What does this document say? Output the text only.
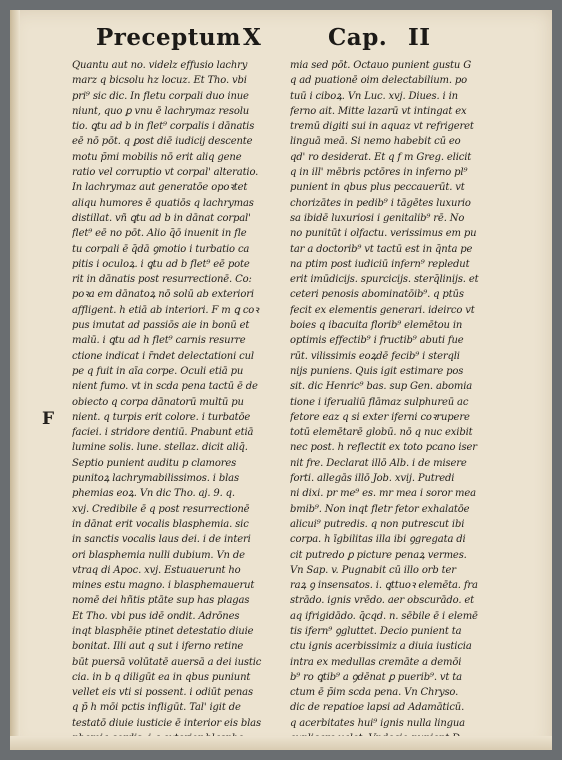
Preceptum X	Cap. II
Quantu aut no. videlz effusio lachry
marz q bicsolu hz locuz. Et Tho. vbi
pri⁹ sic dic. In fletu corpali duo inue
niunt, quo ꝑ vnu ē lachrymaz resolu
tio. ꝗtu ad b in flet⁹ corpalis i dānatis
eē nō pōt. q ꝑost diē iudicij descente
motu p̄mi mobilis nō erit aliq gene
ratio vel corruptio vt corpal' alteratio.
In lachrymaz aut generatōe opoꝛtet
aliqu humores ē quatiōs q lachrymas
distillat. vñ ꝗtu ad b in dānat corpal'
flet⁹ eē no pōt. Alio q̄ō inuenit in fle
tu corpali ē q̄dā ꝯmotio i turbatio ca
pitis i oculoꝝ. i ꝗtu ad b flet⁹ eē pote
rit in dānatis post resurrectionē. Co:
poꝛa em dānatoꝝ nō solū ab exteriori
affligent. h etiā ab interiori. F m ꝗ coꝛ
pus imutat ad passiōs aie in bonū et
malū. i ꝗtu ad h flet⁹ carnis resurre
ctione indicat i r̄ndet delectationi cul
pe q fuit in aīa corpe. Oculi etiā pu
nient fumo. vt in scda pena tactū ē de
obiecto q corpa dānatorū multū pu
nient. q turpis erit colore. i turbatōe
faciei. i stridore dentiū. Pnabunt etiā
lumine solis. lune. stellaz. dicit aliq̄.
Septio punient auditu p clamores
punitoꝝ lachrymabilissimos. i blas
phemias eoꝝ. Vn dic Tho. aj. 9. q.
xvj. Credibile ē q post resurrectionē
in dānat erit vocalis blasphemia. sic
in sanctis vocalis laus dei. i de interi
ori blasphemia nulli dubium. Vn de
vtraq di Apoc. xvj. Estuauerunt ho
mines estu magno. i blasphemauerut
nomē dei hñtis ptāte sup has plagas
Et Tho. vbi pus idē ondit. Adrōnes
inqt blasphēie ptinet detestatio diuie
bonitat. Illi aut q sut i iferno retine
būt puersā volūtatē auersā a dei iustic
cia. in b q diligūt ea in qbus puniunt
vellet eis vti si possent. i odiūt penas
q p̄ h mōi pctis infligūt. Tal' igit de
testatō diuie iusticie ē interior eis blas
mia sed pōt. Octauo punient gustu G
q ad puationē oim delectabilium. po
tuū i ciboꝝ. Vn Luc. xvj. Diues. i in
ferno ait. Mitte lazarū vt intingat ex
tremū digiti sui in aquaz vt refrigeret
linguā meā. Si nemo habebit cū eo
qd' ro desiderat. Et q f m Greg. elicit
q in ill' mēbris pctōres in inferno pl⁹
punient in qbus plus peccauerūt. vt
chorizātes in pedib⁹ i tāgētes luxurio
sa ibidē luxuriosi i genitalib⁹ rē. No
no punitūt i olfactu. verissimus em pu
tar a doctorib⁹ vt tactū est in q̄nta pe
na ptim post iudiciū infern⁹ repledut
erit imūdicijs. spurcicijs. sterq̄linijs. et
ceteri penosis abominatōib⁹. q ptūs
fecit ex elementis generari. ideirco vt
boies q ibacuita florib⁹ elemētou in
optimis effectib⁹ i fructib⁹ abuti fue
rūt. vilissimis eoꝝdē fecib⁹ i sterqli
nijs puniens. Quis igit estimare pos
sit. dic Henric⁹ bas. sup Gen. abomia
tione i iferualiū flāmaz sulphureū ac
fetore eaz q si exter iferni coꝛrupere
totū elemētarē globū. nō q nuc exibit
nec post. h reflectit ex toto pcano iser
nit fre. Declarat illō Alb. i de misere
forti. allegās illō Job. xvij. Putredi
ni dixi. pr me⁹ es. mr mea i soror mea
bmib⁹. Non inqt fletr fetor exhalatōe
alicui⁹ putredis. q non putrescut ibi
corpa. h īgbilitas illa ibi ꝯgregata di
cit putredo ꝑ picture penaꝝ vermes.
Vn Sap. v. Pugnabit cū illo orb ter
raꝝ ꝯ insensatos. i. ꝗttuoꝛ elemēta. fra
strādo. ignis vrēdo. aer obscurādo. et
aq ifrigidādo. q̄cqd. n. sēbile ē i elemē
tis ifern⁹ ꝯgluttet. Decio punient ta
ctu ignis acerbissimiz a diuia iusticia
intra ex medullas cremāte a demōi
b⁹ ro ꝗtib⁹ a ꝯdēnat ꝑ puerib⁹. vt ta
ctum ē p̄im scda pena. Vn Chryso.
dic de repatioe lapsi ad Adamāticū.
q acerbitates hui⁹ ignis nulla lingua
F
